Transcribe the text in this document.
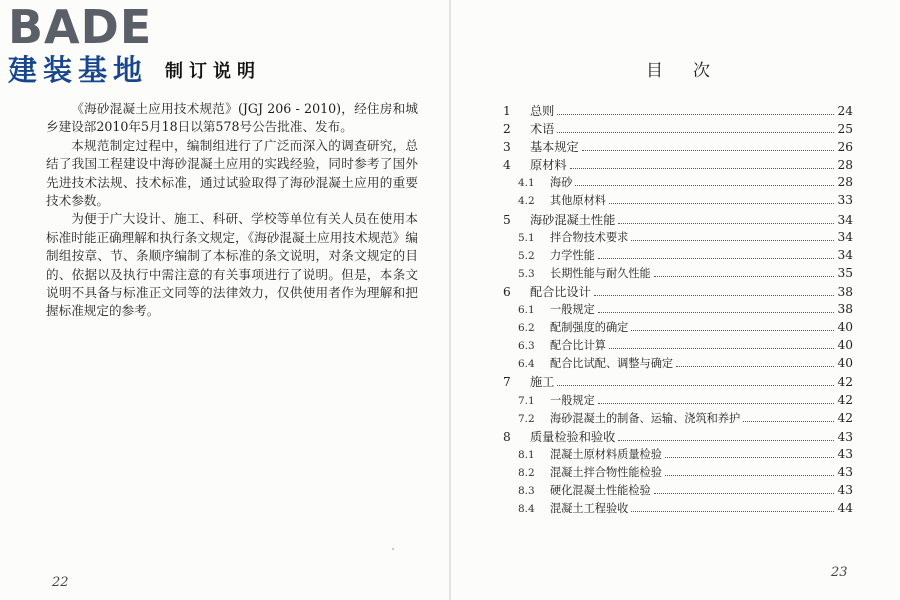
BADE
建装基地 制订说明

《海砂混凝土应用技术规范》(JGJ 206 - 2010)，经住房和城乡建设部2010年5月18日以第578号公告批准、发布。

本规范制定过程中，编制组进行了广泛而深入的调查研究，总结了我国工程建设中海砂混凝土应用的实践经验，同时参考了国外先进技术法规、技术标准，通过试验取得了海砂混凝土应用的重要技术参数。

为便于广大设计、施工、科研、学校等单位有关人员在使用本标准时能正确理解和执行条文规定，《海砂混凝土应用技术规范》编制组按章、节、条顺序编制了本标准的条文说明，对条文规定的目的、依据以及执行中需注意的有关事项进行了说明。但是，本条文说明不具备与标准正文同等的法律效力，仅供使用者作为理解和把握标准规定的参考。

22
目次
1	总则	24
2	术语	25
3	基本规定	26
4	原材料	28
4.1	海砂	28
4.2	其他原材料	33
5	海砂混凝土性能	34
5.1	拌合物技术要求	34
5.2	力学性能	34
5.3	长期性能与耐久性能	35
6	配合比设计	38
6.1	一般规定	38
6.2	配制强度的确定	40
6.3	配合比计算	40
6.4	配合比试配、调整与确定	40
7	施工	42
7.1	一般规定	42
7.2	海砂混凝土的制备、运输、浇筑和养护	42
8	质量检验和验收	43
8.1	混凝土原材料质量检验	43
8.2	混凝土拌合物性能检验	43
8.3	硬化混凝土性能检验	43
8.4	混凝土工程验收	44
23
